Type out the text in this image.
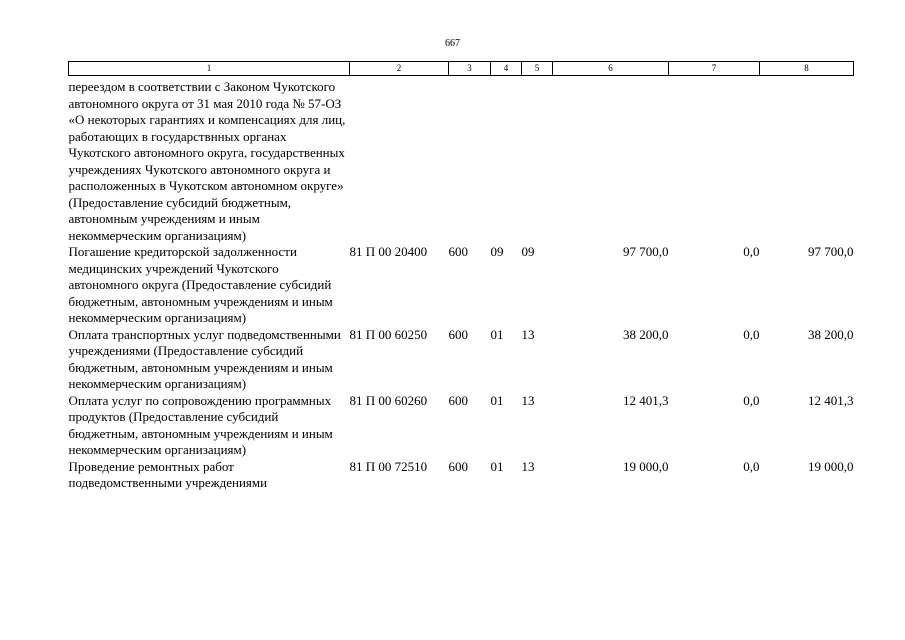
667
1	2	3	4	5	6	7	8
переездом в соответствии с Законом Чукотского автономного округа от 31 мая 2010 года № 57-ОЗ «О некоторых гарантиях и компенсациях для лиц, работающих в государствнных органах Чукотского автономного округа, государственных учреждениях Чукотского автономного округа и расположенных в Чукотском автономном округе» (Предоставление субсидий бюджетным, автономным учреждениям и иным некоммерческим организациям)							
Погашение кредиторской задолженности медицинских учреждений Чукотского автономного округа (Предоставление субсидий бюджетным, автономным учреждениям и иным некоммерческим организациям)	81 П 00 20400	600	09	09	97 700,0	0,0	97 700,0
Оплата транспортных услуг подведомственными учреждениями (Предоставление субсидий бюджетным, автономным учреждениям и иным некоммерческим организациям)	81 П 00 60250	600	01	13	38 200,0	0,0	38 200,0
Оплата услуг по сопровождению программных продуктов (Предоставление субсидий бюджетным, автономным учреждениям и иным некоммерческим организациям)	81 П 00 60260	600	01	13	12 401,3	0,0	12 401,3
Проведение ремонтных работ подведомственными учреждениями	81 П 00 72510	600	01	13	19 000,0	0,0	19 000,0
